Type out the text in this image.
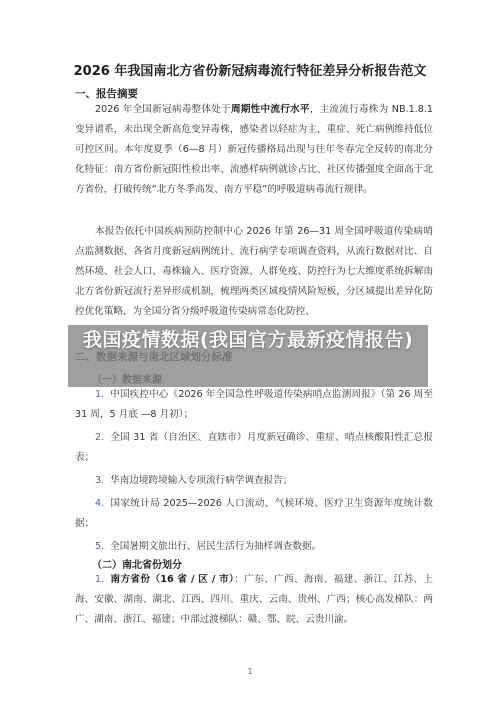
2026 年我国南北方省份新冠病毒流行特征差异分析报告范文
一、报告摘要
2026 年全国新冠病毒整体处于周期性中流行水平，主流流行毒株为 NB.1.8.1 变异谱系，未出现全新高危变异毒株，感染者以轻症为主，重症、死亡病例维持低位可控区间。本年度夏季（6—8 月）新冠传播格局出现与往年冬春完全反转的南北分化特征：南方省份新冠阳性检出率、流感样病例就诊占比、社区传播强度全面高于北方省份，打破传统“北方冬季高发、南方平稳”的呼吸道病毒流行规律。
本报告依托中国疾病预防控制中心 2026 年第 26—31 周全国呼吸道传染病哨点监测数据、各省月度新冠病例统计、流行病学专项调查资料，从流行数据对比、自然环境、社会人口、毒株输入、医疗资源、人群免疫、防控行为七大维度系统拆解南北方省份新冠流行差异形成机制，梳理两类区域疫情风险短板，分区域提出差异化防控优化策略，为全国分省分级呼吸道传染病常态化防控、
1. 中国疾控中心《2026 年全国急性呼吸道传染病哨点监测周报》（第 26 周至 31 周，5 月底 —8 月初）；
2. 全国 31 省（自治区、直辖市）月度新冠确诊、重症、哨点核酸阳性汇总报表；
3. 华南边境跨境输入专项流行病学调查报告；
4. 国家统计局 2025—2026 人口流动、气候环境、医疗卫生资源年度统计数据；
5. 全国暑期文旅出行、居民生活行为抽样调查数据。
（二）南北省份划分
1. 南方省份（16 省 / 区 / 市）：广东、广西、海南、福建、浙江、江苏、上海、安徽、湖南、湖北、江西、四川、重庆、云南、贵州、广西；核心高发梯队：两广、湖南、浙江、福建；中部过渡梯队：赣、鄂、皖、云贵川渝。
1
我国疫情数据(我国官方最新疫情报告)
